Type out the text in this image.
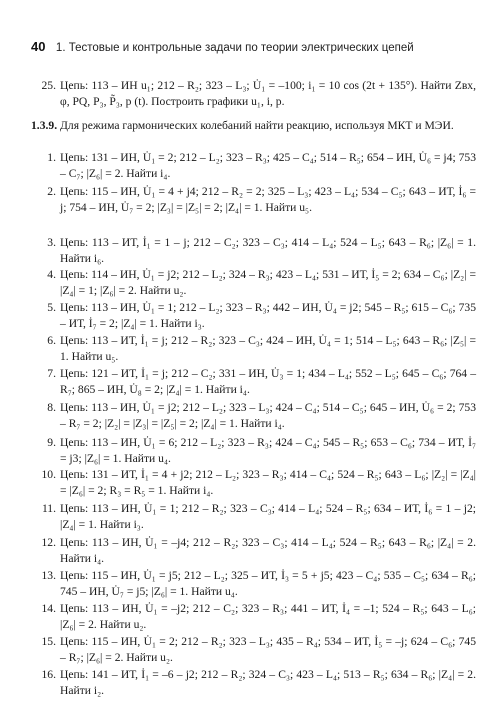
40 1. Тестовые и контрольные задачи по теории электрических цепей
25. Цепь: 113 – ИН u₁; 212 – R₂; 323 – L₃; U̇₁ = –100; i₁ = 10 cos (2t + 135°). Найти Zвх, φ, PQ, P₃, P̃₃, p (t). Построить графики u₁, i, p.
1.3.9. Для режима гармонических колебаний найти реакцию, используя МКТ и МЭИ.
1. Цепь: 131 – ИН, U̇₁ = 2; 212 – L₂; 323 – R₃; 425 – C₄; 514 – R₅; 654 – ИН, U̇₆ = j4; 753 – C₇; |Z₆| = 2. Найти i₄.
2. Цепь: 115 – ИН, U̇₁ = 4 + j4; 212 – R₂ = 2; 325 – L₃; 423 – L₄; 534 – C₅; 643 – ИТ, İ₆ = j; 754 – ИН, U̇₇ = 2; |Z₃| = |Z₅| = 2; |Z₄| = 1. Найти u₅.
3. Цепь: 113 – ИТ, İ₁ = 1 – j; 212 – C₂; 323 – C₃; 414 – L₄; 524 – L₅; 643 – R₆; |Z₆| = 1. Найти i₆.
4. Цепь: 114 – ИН, U̇₁ = j2; 212 – L₂; 324 – R₃; 423 – L₄; 531 – ИТ, İ₅ = 2; 634 – C₆; |Z₂| = |Z₄| = 1; |Z₆| = 2. Найти u₂.
5. Цепь: 113 – ИН, U̇₁ = 1; 212 – L₂; 323 – R₃; 442 – ИН, U̇₄ = j2; 545 – R₅; 615 – C₆; 735 – ИТ, İ₇ = 2; |Z₄| = 1. Найти i₃.
6. Цепь: 113 – ИТ, İ₁ = j; 212 – R₂; 323 – C₃; 424 – ИН, U̇₄ = 1; 514 – L₅; 643 – R₆; |Z₅| = 1. Найти u₅.
7. Цепь: 121 – ИТ, İ₁ = j; 212 – C₂; 331 – ИН, U̇₃ = 1; 434 – L₄; 552 – L₅; 645 – C₆; 764 – R₇; 865 – ИН, U̇₈ = 2; |Z₄| = 1. Найти i₄.
8. Цепь: 113 – ИН, U̇₁ = j2; 212 – L₂; 323 – L₃; 424 – C₄; 514 – C₅; 645 – ИН, U̇₆ = 2; 753 – R₇ = 2; |Z₂| = |Z₃| = |Z₅| = 2; |Z₄| = 1. Найти i₄.
9. Цепь: 113 – ИН, U̇₁ = 6; 212 – L₂; 323 – R₃; 424 – C₄; 545 – R₅; 653 – C₆; 734 – ИТ, İ₇ = j3; |Z₆| = 1. Найти u₄.
10. Цепь: 131 – ИТ, İ₁ = 4 + j2; 212 – L₂; 323 – R₃; 414 – C₄; 524 – R₅; 643 – L₆; |Z₂| = |Z₄| = |Z₆| = 2; R₃ = R₅ = 1. Найти i₄.
11. Цепь: 113 – ИН, U̇₁ = 1; 212 – R₂; 323 – C₃; 414 – L₄; 524 – R₅; 634 – ИТ, İ₆ = 1 – j2; |Z₄| = 1. Найти i₃.
12. Цепь: 113 – ИН, U̇₁ = –j4; 212 – R₂; 323 – C₃; 414 – L₄; 524 – R₅; 643 – R₆; |Z₄| = 2. Найти i₄.
13. Цепь: 115 – ИН, U̇₁ = j5; 212 – L₂; 325 – ИТ, İ₃ = 5 + j5; 423 – C₄; 535 – C₅; 634 – R₆; 745 – ИН, U̇₇ = j5; |Z₆| = 1. Найти u₄.
14. Цепь: 113 – ИН, U̇₁ = –j2; 212 – C₂; 323 – R₃; 441 – ИТ, İ₄ = –1; 524 – R₅; 643 – L₆; |Z₆| = 2. Найти u₂.
15. Цепь: 115 – ИН, U̇₁ = 2; 212 – R₂; 323 – L₃; 435 – R₄; 534 – ИТ, İ₅ = –j; 624 – C₆; 745 – R₇; |Z₆| = 2. Найти u₂.
16. Цепь: 141 – ИТ, İ₁ = –6 – j2; 212 – R₂; 324 – C₃; 423 – L₄; 513 – R₅; 634 – R₆; |Z₄| = 2. Найти i₂.
